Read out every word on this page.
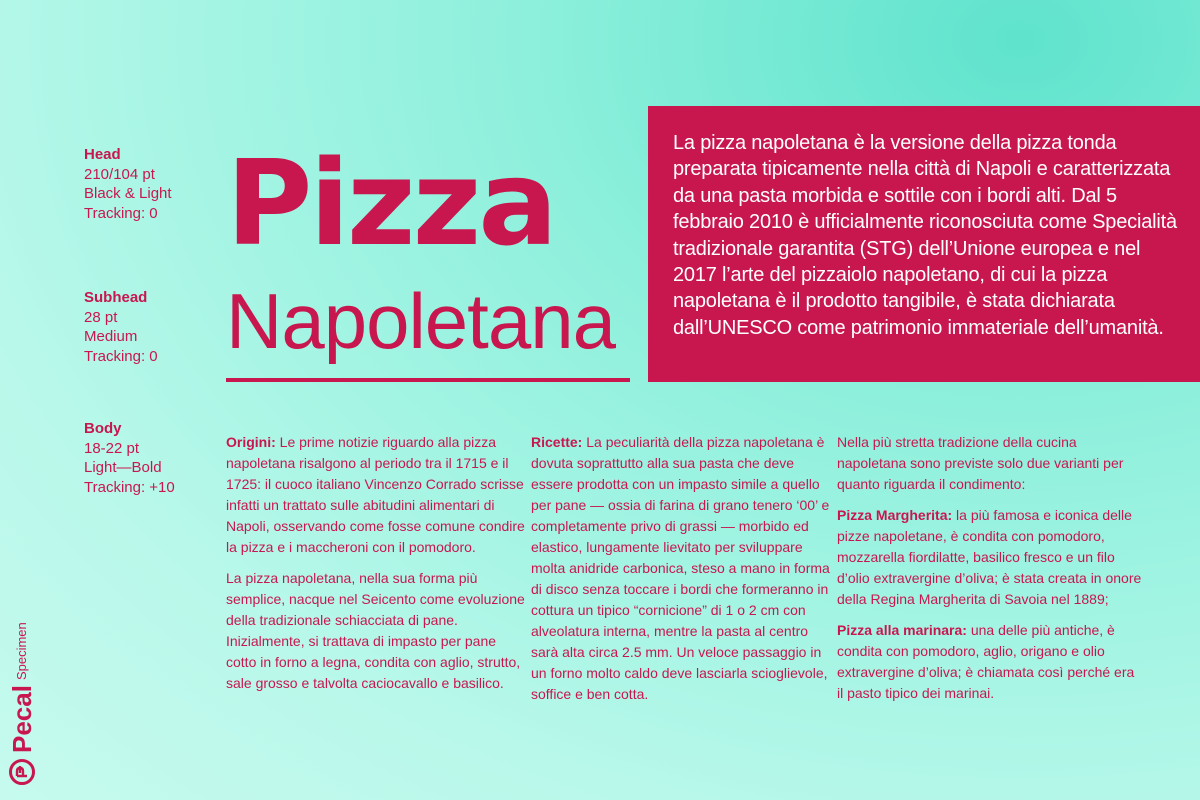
Head
210/104 pt
Black & Light
Tracking: 0
Subhead
28 pt
Medium
Tracking: 0
Body
18-22 pt
Light—Bold
Tracking: +10
Pizza
Napoletana

La pizza napoletana è la versione della pizza tonda preparata tipicamente nella città di Napoli e caratterizzata da una pasta morbida e sottile con i bordi alti. Dal 5 febbraio 2010 è ufficialmente riconosciuta come Specialità tradizionale garantita (STG) dell’Unione europea e nel 2017 l’arte del pizzaiolo napoletano, di cui la pizza napoletana è il prodotto tangibile, è stata dichiarata dall’UNESCO come patrimonio immateriale dell’umanità.

Origini: Le prime notizie riguardo alla pizza napoletana risalgono al periodo tra il 1715 e il 1725: il cuoco italiano Vincenzo Corrado scrisse infatti un trattato sulle abitudini alimentari di Napoli, osservando come fosse comune condire la pizza e i maccheroni con il pomodoro.

La pizza napoletana, nella sua forma più semplice, nacque nel Seicento come evoluzione della tradizionale schiacciata di pane. Inizialmente, si trattava di impasto per pane cotto in forno a legna, condita con aglio, strutto, sale grosso e talvolta caciocavallo e basilico.

Ricette: La peculiarità della pizza napoletana è dovuta soprattutto alla sua pasta che deve essere prodotta con un impasto simile a quello per pane — ossia di farina di grano tenero ‘00’ e completamente privo di grassi — morbido ed elastico, lungamente lievitato per sviluppare molta anidride carbonica, steso a mano in forma di disco senza toccare i bordi che formeranno in cottura un tipico “cornicione” di 1 o 2 cm con alveolatura interna, mentre la pasta al centro sarà alta circa 2.5 mm. Un veloce passaggio in un forno molto caldo deve lasciarla scioglievole, soffice e ben cotta.

Nella più stretta tradizione della cucina napoletana sono previste solo due varianti per quanto riguarda il condimento:

Pizza Margherita: la più famosa e iconica delle pizze napoletane, è condita con pomodoro, mozzarella fiordilatte, basilico fresco e un filo d’olio extravergine d’oliva; è stata creata in onore della Regina Margherita di Savoia nel 1889;

Pizza alla marinara: una delle più antiche, è condita con pomodoro, aglio, origano e olio extravergine d’oliva; è chiamata così perché era il pasto tipico dei marinai.

Pecal
Specimen
